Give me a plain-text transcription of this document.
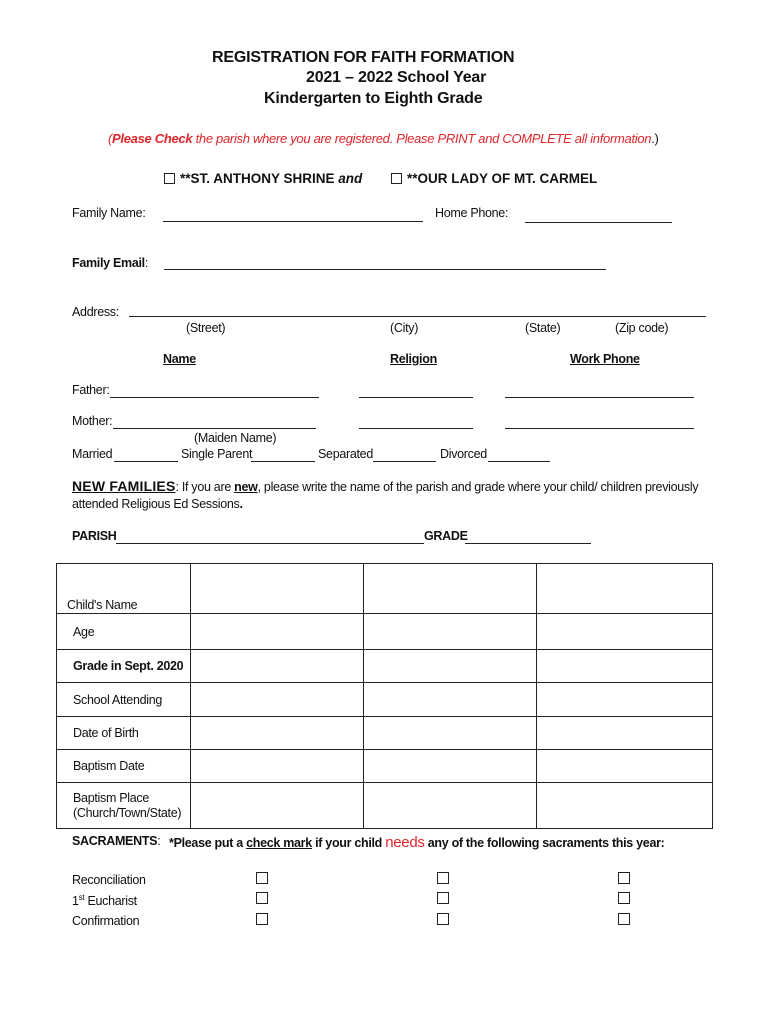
REGISTRATION FOR FAITH FORMATION
2021 – 2022 School Year
Kindergarten to Eighth Grade
(Please Check the parish where you are registered. Please PRINT and COMPLETE all information.)
**ST. ANTHONY SHRINE and	**OUR LADY OF MT. CARMEL
Family Name:	Home Phone:
Family Email:
Address:
(Street)	(City)	(State)	(Zip code)
Name	Religion	Work Phone
Father:
Mother:
(Maiden Name)
Married	Single Parent	Separated	Divorced
NEW FAMILIES: If you are new, please write the name of the parish and grade where your child/ children previously
attended Religious Ed Sessions.
PARISH	GRADE
Child's Name			
Age			
Grade in Sept. 2020			
School Attending			
Date of Birth			
Baptism Date			

Baptism Place
(Church/Town/State)			

SACRAMENTS: *Please put a check mark if your child needs any of the following sacraments this year:
Reconciliation
1st Eucharist
Confirmation
